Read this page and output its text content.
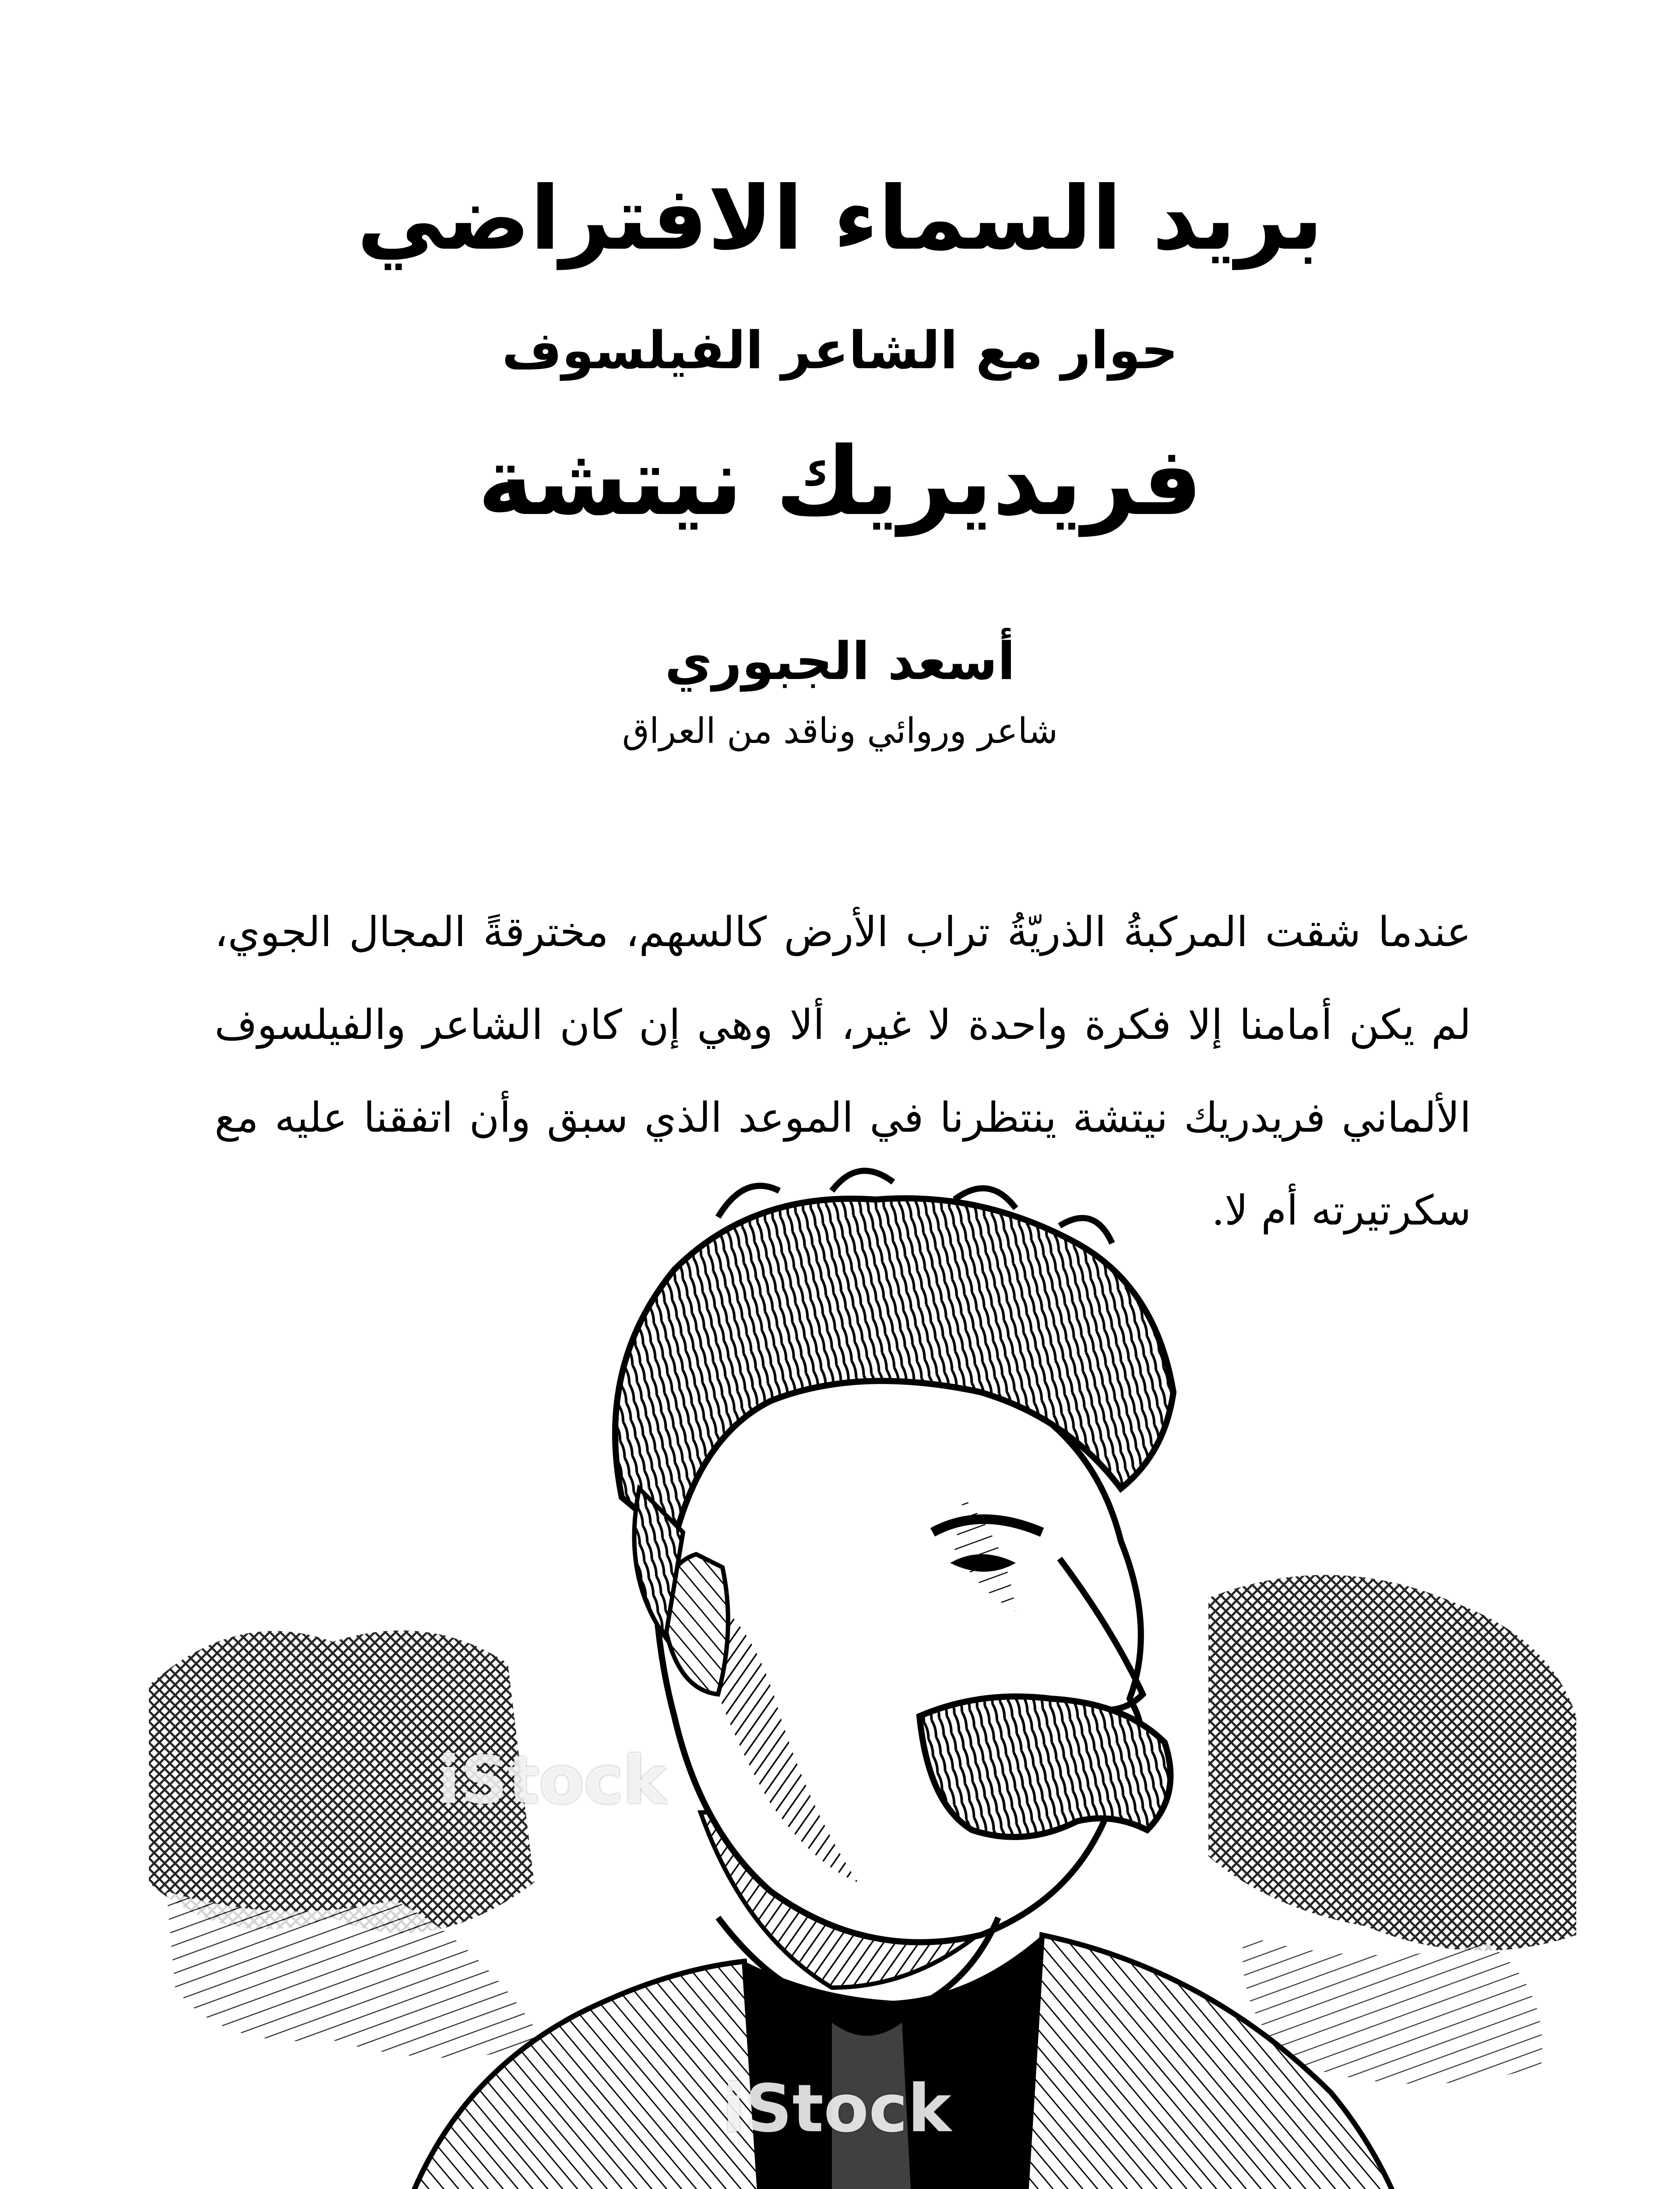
بريد السماء الافتراضي
حوار مع الشاعر الفيلسوف
فريديريك نيتشة
أسعد الجبوري
شاعر وروائي وناقد من العراق

عندما شقت المركبةُ الذريّةُ تراب الأرض كالسهم، مخترقةً المجال الجوي، لم يكن أمامنا إلا فكرة واحدة لا غير، ألا وهي إن كان الشاعر والفيلسوف الألماني فريدريك نيتشة ينتظرنا في الموعد الذي سبق وأن اتفقنا عليه مع سكرتيرته أم لا.

iStock
iStock
